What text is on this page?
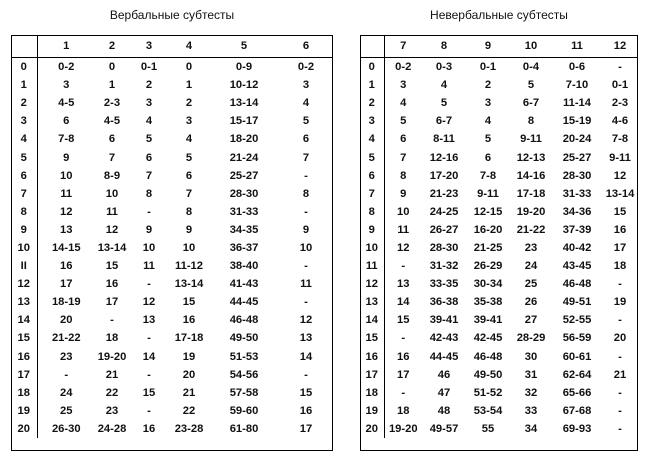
Вербальные субтесты
	1	2	3	4	5	6
0	0-2	0	0-1	0	0-9	0-2
1	3	1	2	1	10-12	3
2	4-5	2-3	3	2	13-14	4
3	6	4-5	4	3	15-17	5
4	7-8	6	5	4	18-20	6
5	9	7	6	5	21-24	7
6	10	8-9	7	6	25-27	-
7	11	10	8	7	28-30	8
8	12	11	-	8	31-33	-
9	13	12	9	9	34-35	9
10	14-15	13-14	10	10	36-37	10
II	16	15	11	11-12	38-40	-
12	17	16	-	13-14	41-43	11
13	18-19	17	12	15	44-45	-
14	20	-	13	16	46-48	12
15	21-22	18	-	17-18	49-50	13
16	23	19-20	14	19	51-53	14
17	-	21	-	20	54-56	-
18	24	22	15	21	57-58	15
19	25	23	-	22	59-60	16
20	26-30	24-28	16	23-28	61-80	17
Невербальные субтесты
	7	8	9	10	11	12
0	0-2	0-3	0-1	0-4	0-6	-
1	3	4	2	5	7-10	0-1
2	4	5	3	6-7	11-14	2-3
3	5	6-7	4	8	15-19	4-6
4	6	8-11	5	9-11	20-24	7-8
5	7	12-16	6	12-13	25-27	9-11
6	8	17-20	7-8	14-16	28-30	12
7	9	21-23	9-11	17-18	31-33	13-14
8	10	24-25	12-15	19-20	34-36	15
9	11	26-27	16-20	21-22	37-39	16
10	12	28-30	21-25	23	40-42	17
11	-	31-32	26-29	24	43-45	18
12	13	33-35	30-34	25	46-48	-
13	14	36-38	35-38	26	49-51	19
14	15	39-41	39-41	27	52-55	-
15	-	42-43	42-45	28-29	56-59	20
16	16	44-45	46-48	30	60-61	-
17	17	46	49-50	31	62-64	21
18	-	47	51-52	32	65-66	-
19	18	48	53-54	33	67-68	-
20	19-20	49-57	55	34	69-93	-
